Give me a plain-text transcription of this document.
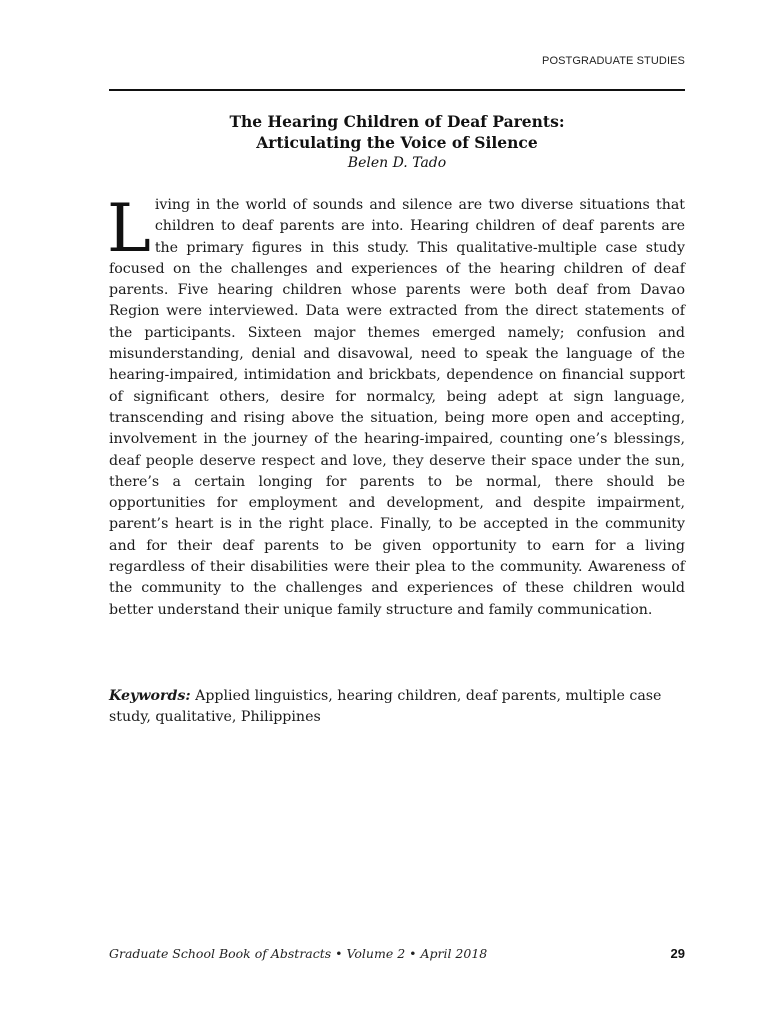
POSTGRADUATE STUDIES
The Hearing Children of Deaf Parents:
Articulating the Voice of Silence
Belen D. Tado

Living in the world of sounds and silence are two diverse situations that children to deaf parents are into. Hearing children of deaf parents are the primary figures in this study. This qualitative-multiple case study focused on the challenges and experiences of the hearing children of deaf parents. Five hearing children whose parents were both deaf from Davao Region were interviewed. Data were extracted from the direct statements of the participants. Sixteen major themes emerged namely; confusion and misunderstanding, denial and disavowal, need to speak the language of the hearing-impaired, intimidation and brickbats, dependence on financial support of significant others, desire for normalcy, being adept at sign language, transcending and rising above the situation, being more open and accepting, involvement in the journey of the hearing-impaired, counting one’s blessings, deaf people deserve respect and love, they deserve their space under the sun, there’s a certain longing for parents to be normal, there should be opportunities for employment and development, and despite impairment, parent’s heart is in the right place. Finally, to be accepted in the community and for their deaf parents to be given opportunity to earn for a living regardless of their disabilities were their plea to the community. Awareness of the community to the challenges and experiences of these children would better understand their unique family structure and family communication.

Keywords: Applied linguistics, hearing children, deaf parents, multiple case study, qualitative, Philippines

Graduate School Book of Abstracts • Volume 2 • April 2018	29
